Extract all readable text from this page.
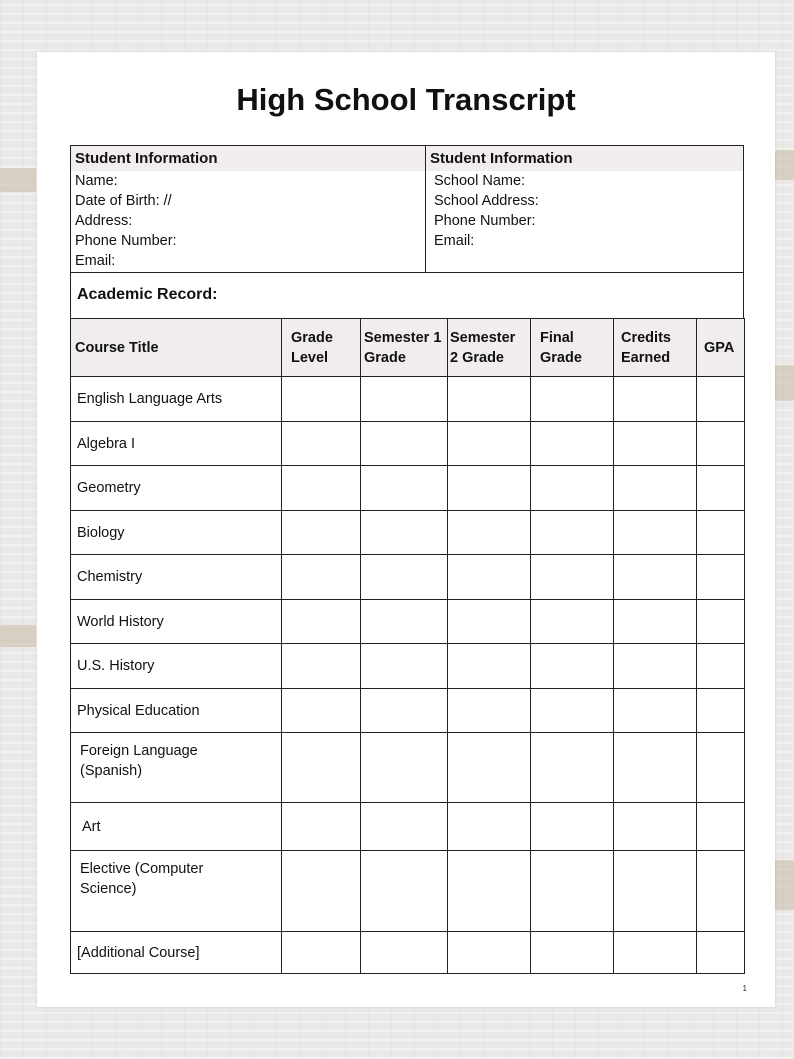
High School Transcript
Student Information
Name:
Date of Birth: //
Address:
Phone Number:
Email:
Student Information
School Name:
School Address:
Phone Number:
Email:
Academic Record:
Course Title	Grade Level	Semester 1 Grade	Semester 2 Grade	Final Grade	Credits Earned	GPA
English Language Arts						
Algebra I						
Geometry						
Biology						
Chemistry						
World History						
U.S. History						
Physical Education						
Foreign Language (Spanish)						
Art						
Elective (Computer Science)						
[Additional Course]						
1
